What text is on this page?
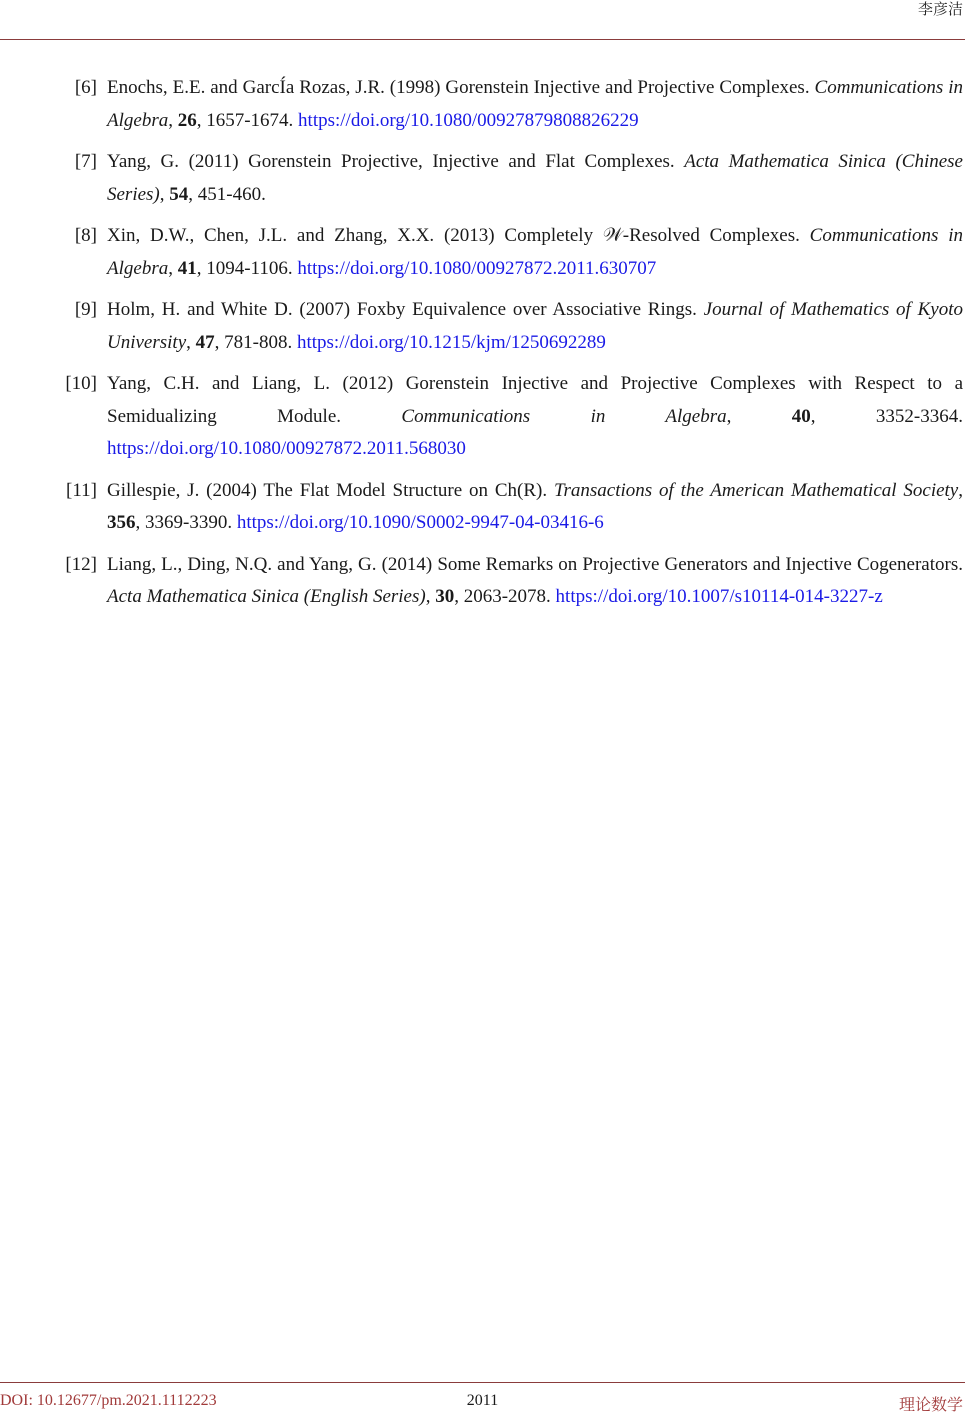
李彦洁
[6] Enochs, E.E. and GarcÍa Rozas, J.R. (1998) Gorenstein Injective and Projective Complexes. Communications in Algebra, 26, 1657-1674. https://doi.org/10.1080/00927879808826229
[7] Yang, G. (2011) Gorenstein Projective, Injective and Flat Complexes. Acta Mathematica Sinica (Chinese Series), 54, 451-460.
[8] Xin, D.W., Chen, J.L. and Zhang, X.X. (2013) Completely 𝒲-Resolved Complexes. Communications in Algebra, 41, 1094-1106. https://doi.org/10.1080/00927872.2011.630707
[9] Holm, H. and White D. (2007) Foxby Equivalence over Associative Rings. Journal of Mathematics of Kyoto University, 47, 781-808. https://doi.org/10.1215/kjm/1250692289
[10] Yang, C.H. and Liang, L. (2012) Gorenstein Injective and Projective Complexes with Respect to a Semidualizing Module. Communications in Algebra, 40, 3352-3364. https://doi.org/10.1080/00927872.2011.568030
[11] Gillespie, J. (2004) The Flat Model Structure on Ch(R). Transactions of the American Mathematical Society, 356, 3369-3390. https://doi.org/10.1090/S0002-9947-04-03416-6
[12] Liang, L., Ding, N.Q. and Yang, G. (2014) Some Remarks on Projective Generators and Injective Cogenerators. Acta Mathematica Sinica (English Series), 30, 2063-2078. https://doi.org/10.1007/s10114-014-3227-z
DOI: 10.12677/pm.2021.1112223	2011	理论数学
